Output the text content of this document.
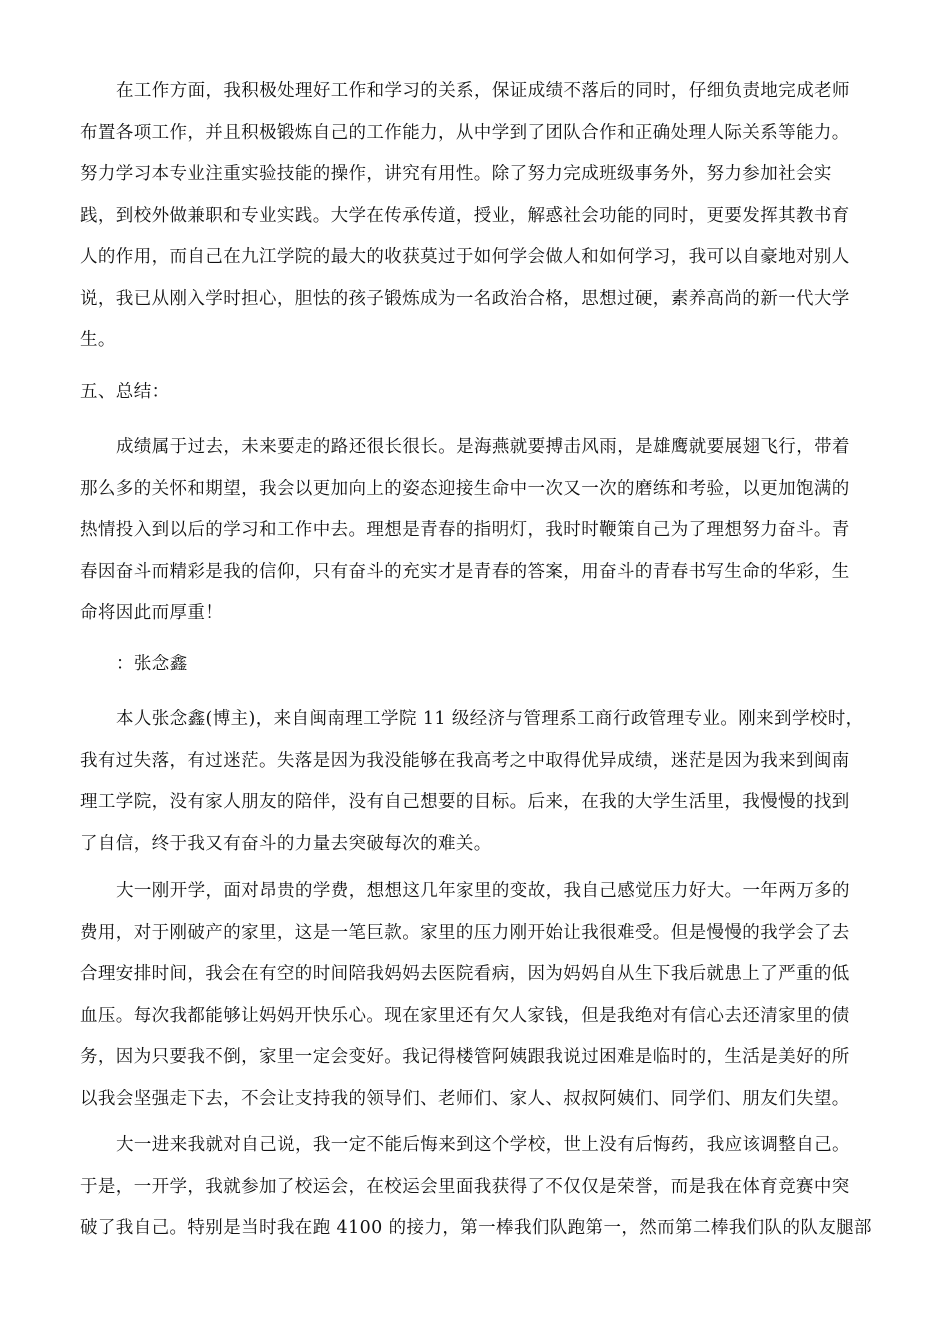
在工作方面，我积极处理好工作和学习的关系，保证成绩不落后的同时，仔细负责地完成老师
布置各项工作，并且积极锻炼自己的工作能力，从中学到了团队合作和正确处理人际关系等能力。
努力学习本专业注重实验技能的操作，讲究有用性。除了努力完成班级事务外，努力参加社会实
践，到校外做兼职和专业实践。大学在传承传道，授业，解惑社会功能的同时，更要发挥其教书育
人的作用，而自己在九江学院的最大的收获莫过于如何学会做人和如何学习，我可以自豪地对别人
说，我已从刚入学时担心，胆怯的孩子锻炼成为一名政治合格，思想过硬，素养高尚的新一代大学
生。
五、总结：
成绩属于过去，未来要走的路还很长很长。是海燕就要搏击风雨，是雄鹰就要展翅飞行，带着
那么多的关怀和期望，我会以更加向上的姿态迎接生命中一次又一次的磨练和考验，以更加饱满的
热情投入到以后的学习和工作中去。理想是青春的指明灯，我时时鞭策自己为了理想努力奋斗。青
春因奋斗而精彩是我的信仰，只有奋斗的充实才是青春的答案，用奋斗的青春书写生命的华彩，生
命将因此而厚重！
：张念鑫
本人张念鑫(博主)，来自闽南理工学院 11 级经济与管理系工商行政管理专业。刚来到学校时，
我有过失落，有过迷茫。失落是因为我没能够在我高考之中取得优异成绩，迷茫是因为我来到闽南
理工学院，没有家人朋友的陪伴，没有自己想要的目标。后来，在我的大学生活里，我慢慢的找到
了自信，终于我又有奋斗的力量去突破每次的难关。
大一刚开学，面对昂贵的学费，想想这几年家里的变故，我自己感觉压力好大。一年两万多的
费用，对于刚破产的家里，这是一笔巨款。家里的压力刚开始让我很难受。但是慢慢的我学会了去
合理安排时间，我会在有空的时间陪我妈妈去医院看病，因为妈妈自从生下我后就患上了严重的低
血压。每次我都能够让妈妈开快乐心。现在家里还有欠人家钱，但是我绝对有信心去还清家里的债
务，因为只要我不倒，家里一定会变好。我记得楼管阿姨跟我说过困难是临时的，生活是美好的所
以我会坚强走下去，不会让支持我的领导们、老师们、家人、叔叔阿姨们、同学们、朋友们失望。
大一进来我就对自己说，我一定不能后悔来到这个学校，世上没有后悔药，我应该调整自己。
于是，一开学，我就参加了校运会，在校运会里面我获得了不仅仅是荣誉，而是我在体育竞赛中突
破了我自己。特别是当时我在跑 4100 的接力，第一棒我们队跑第一，然而第二棒我们队的队友腿部
